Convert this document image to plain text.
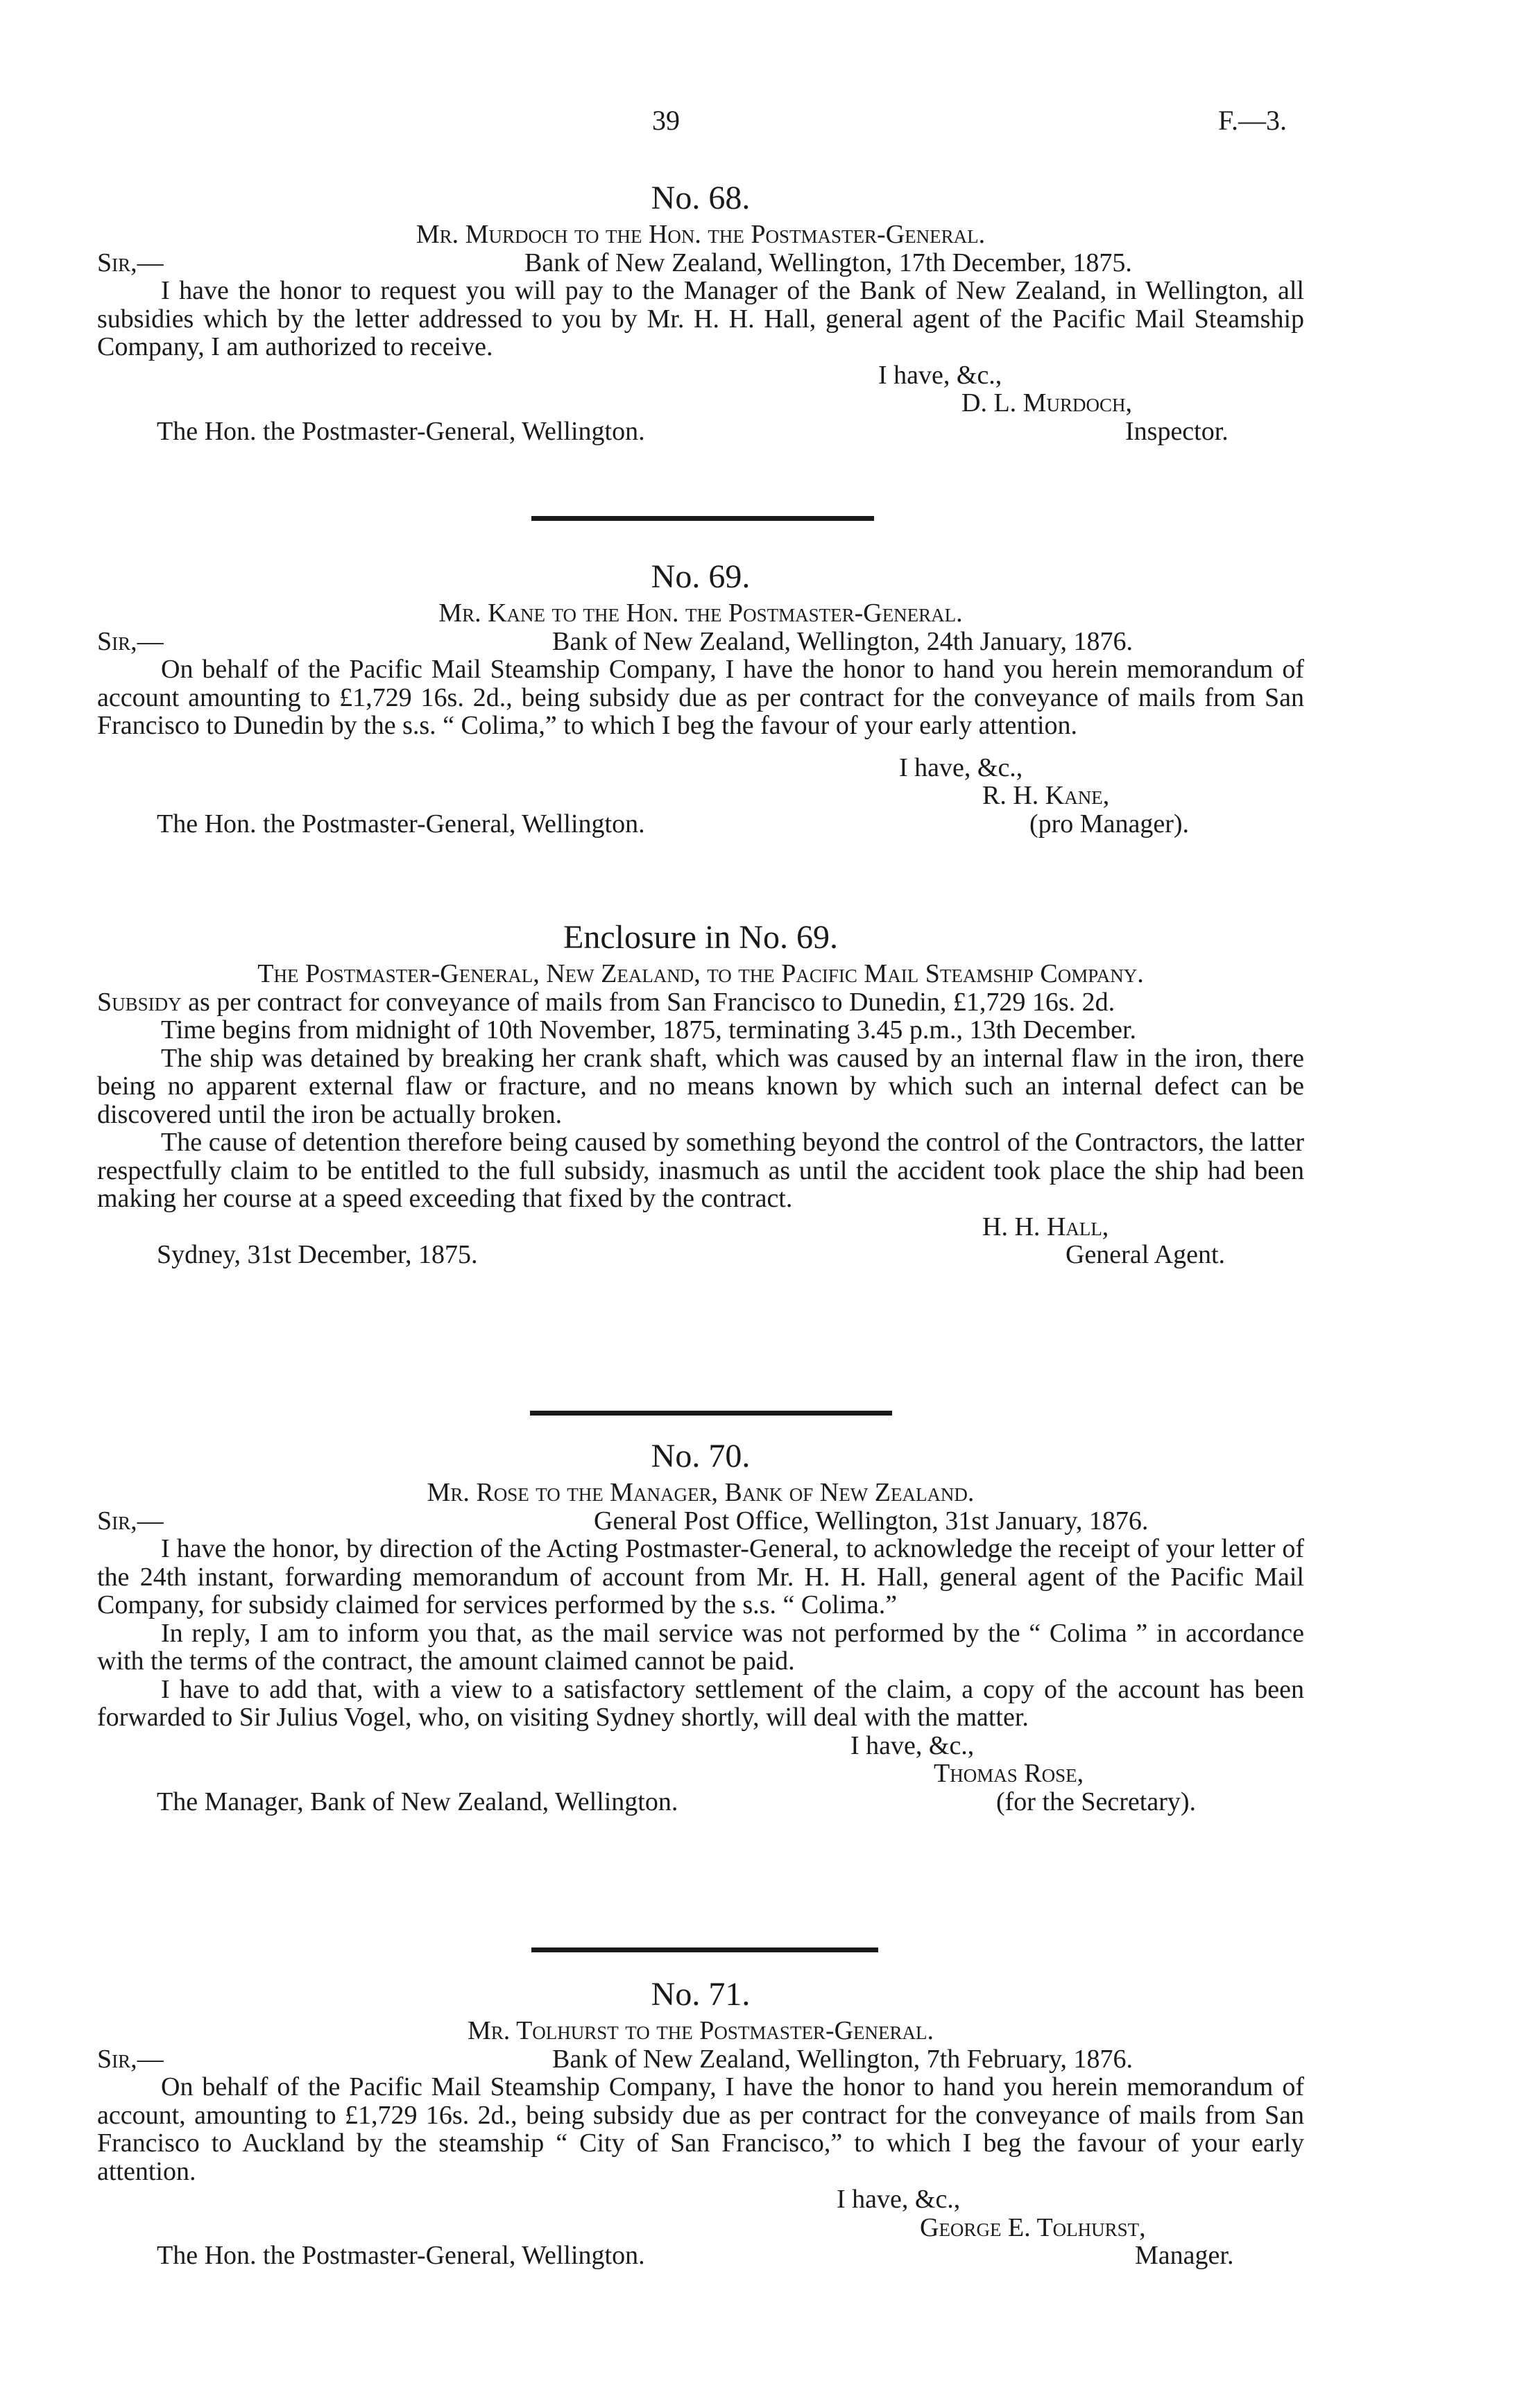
39	F.—3.
No. 68.
Mr. Murdoch to the Hon. the Postmaster-General.
Sir,—	Bank of New Zealand, Wellington, 17th December, 1875.

I have the honor to request you will pay to the Manager of the Bank of New Zealand, in Wellington, all subsidies which by the letter addressed to you by Mr. H. H. Hall, general agent of the Pacific Mail Steamship Company, I am authorized to receive.

I have, &c.,
D. L. Murdoch,
The Hon. the Postmaster-General, Wellington.	Inspector.
No. 69.
Mr. Kane to the Hon. the Postmaster-General.
Sir,—	Bank of New Zealand, Wellington, 24th January, 1876.

On behalf of the Pacific Mail Steamship Company, I have the honor to hand you herein memorandum of account amounting to £1,729 16s. 2d., being subsidy due as per contract for the conveyance of mails from San Francisco to Dunedin by the s.s. “ Colima,” to which I beg the favour of your early attention.

I have, &c.,
R. H. Kane,
The Hon. the Postmaster-General, Wellington.	(pro Manager).
Enclosure in No. 69.
The Postmaster-General, New Zealand, to the Pacific Mail Steamship Company.

Subsidy as per contract for conveyance of mails from San Francisco to Dunedin, £1,729 16s. 2d.

Time begins from midnight of 10th November, 1875, terminating 3.45 p.m., 13th December.

The ship was detained by breaking her crank shaft, which was caused by an internal flaw in the iron, there being no apparent external flaw or fracture, and no means known by which such an internal defect can be discovered until the iron be actually broken.

The cause of detention therefore being caused by something beyond the control of the Contractors, the latter respectfully claim to be entitled to the full subsidy, inasmuch as until the accident took place the ship had been making her course at a speed exceeding that fixed by the contract.

H. H. Hall,
Sydney, 31st December, 1875.	General Agent.
No. 70.
Mr. Rose to the Manager, Bank of New Zealand.
Sir,—	General Post Office, Wellington, 31st January, 1876.

I have the honor, by direction of the Acting Postmaster-General, to acknowledge the receipt of your letter of the 24th instant, forwarding memorandum of account from Mr. H. H. Hall, general agent of the Pacific Mail Company, for subsidy claimed for services performed by the s.s. “ Colima.”

In reply, I am to inform you that, as the mail service was not performed by the “ Colima ” in accordance with the terms of the contract, the amount claimed cannot be paid.

I have to add that, with a view to a satisfactory settlement of the claim, a copy of the account has been forwarded to Sir Julius Vogel, who, on visiting Sydney shortly, will deal with the matter.

I have, &c.,
Thomas Rose,
The Manager, Bank of New Zealand, Wellington.	(for the Secretary).
No. 71.
Mr. Tolhurst to the Postmaster-General.
Sir,—	Bank of New Zealand, Wellington, 7th February, 1876.

On behalf of the Pacific Mail Steamship Company, I have the honor to hand you herein memorandum of account, amounting to £1,729 16s. 2d., being subsidy due as per contract for the conveyance of mails from San Francisco to Auckland by the steamship “ City of San Francisco,” to which I beg the favour of your early attention.

I have, &c.,
George E. Tolhurst,
The Hon. the Postmaster-General, Wellington.	Manager.
